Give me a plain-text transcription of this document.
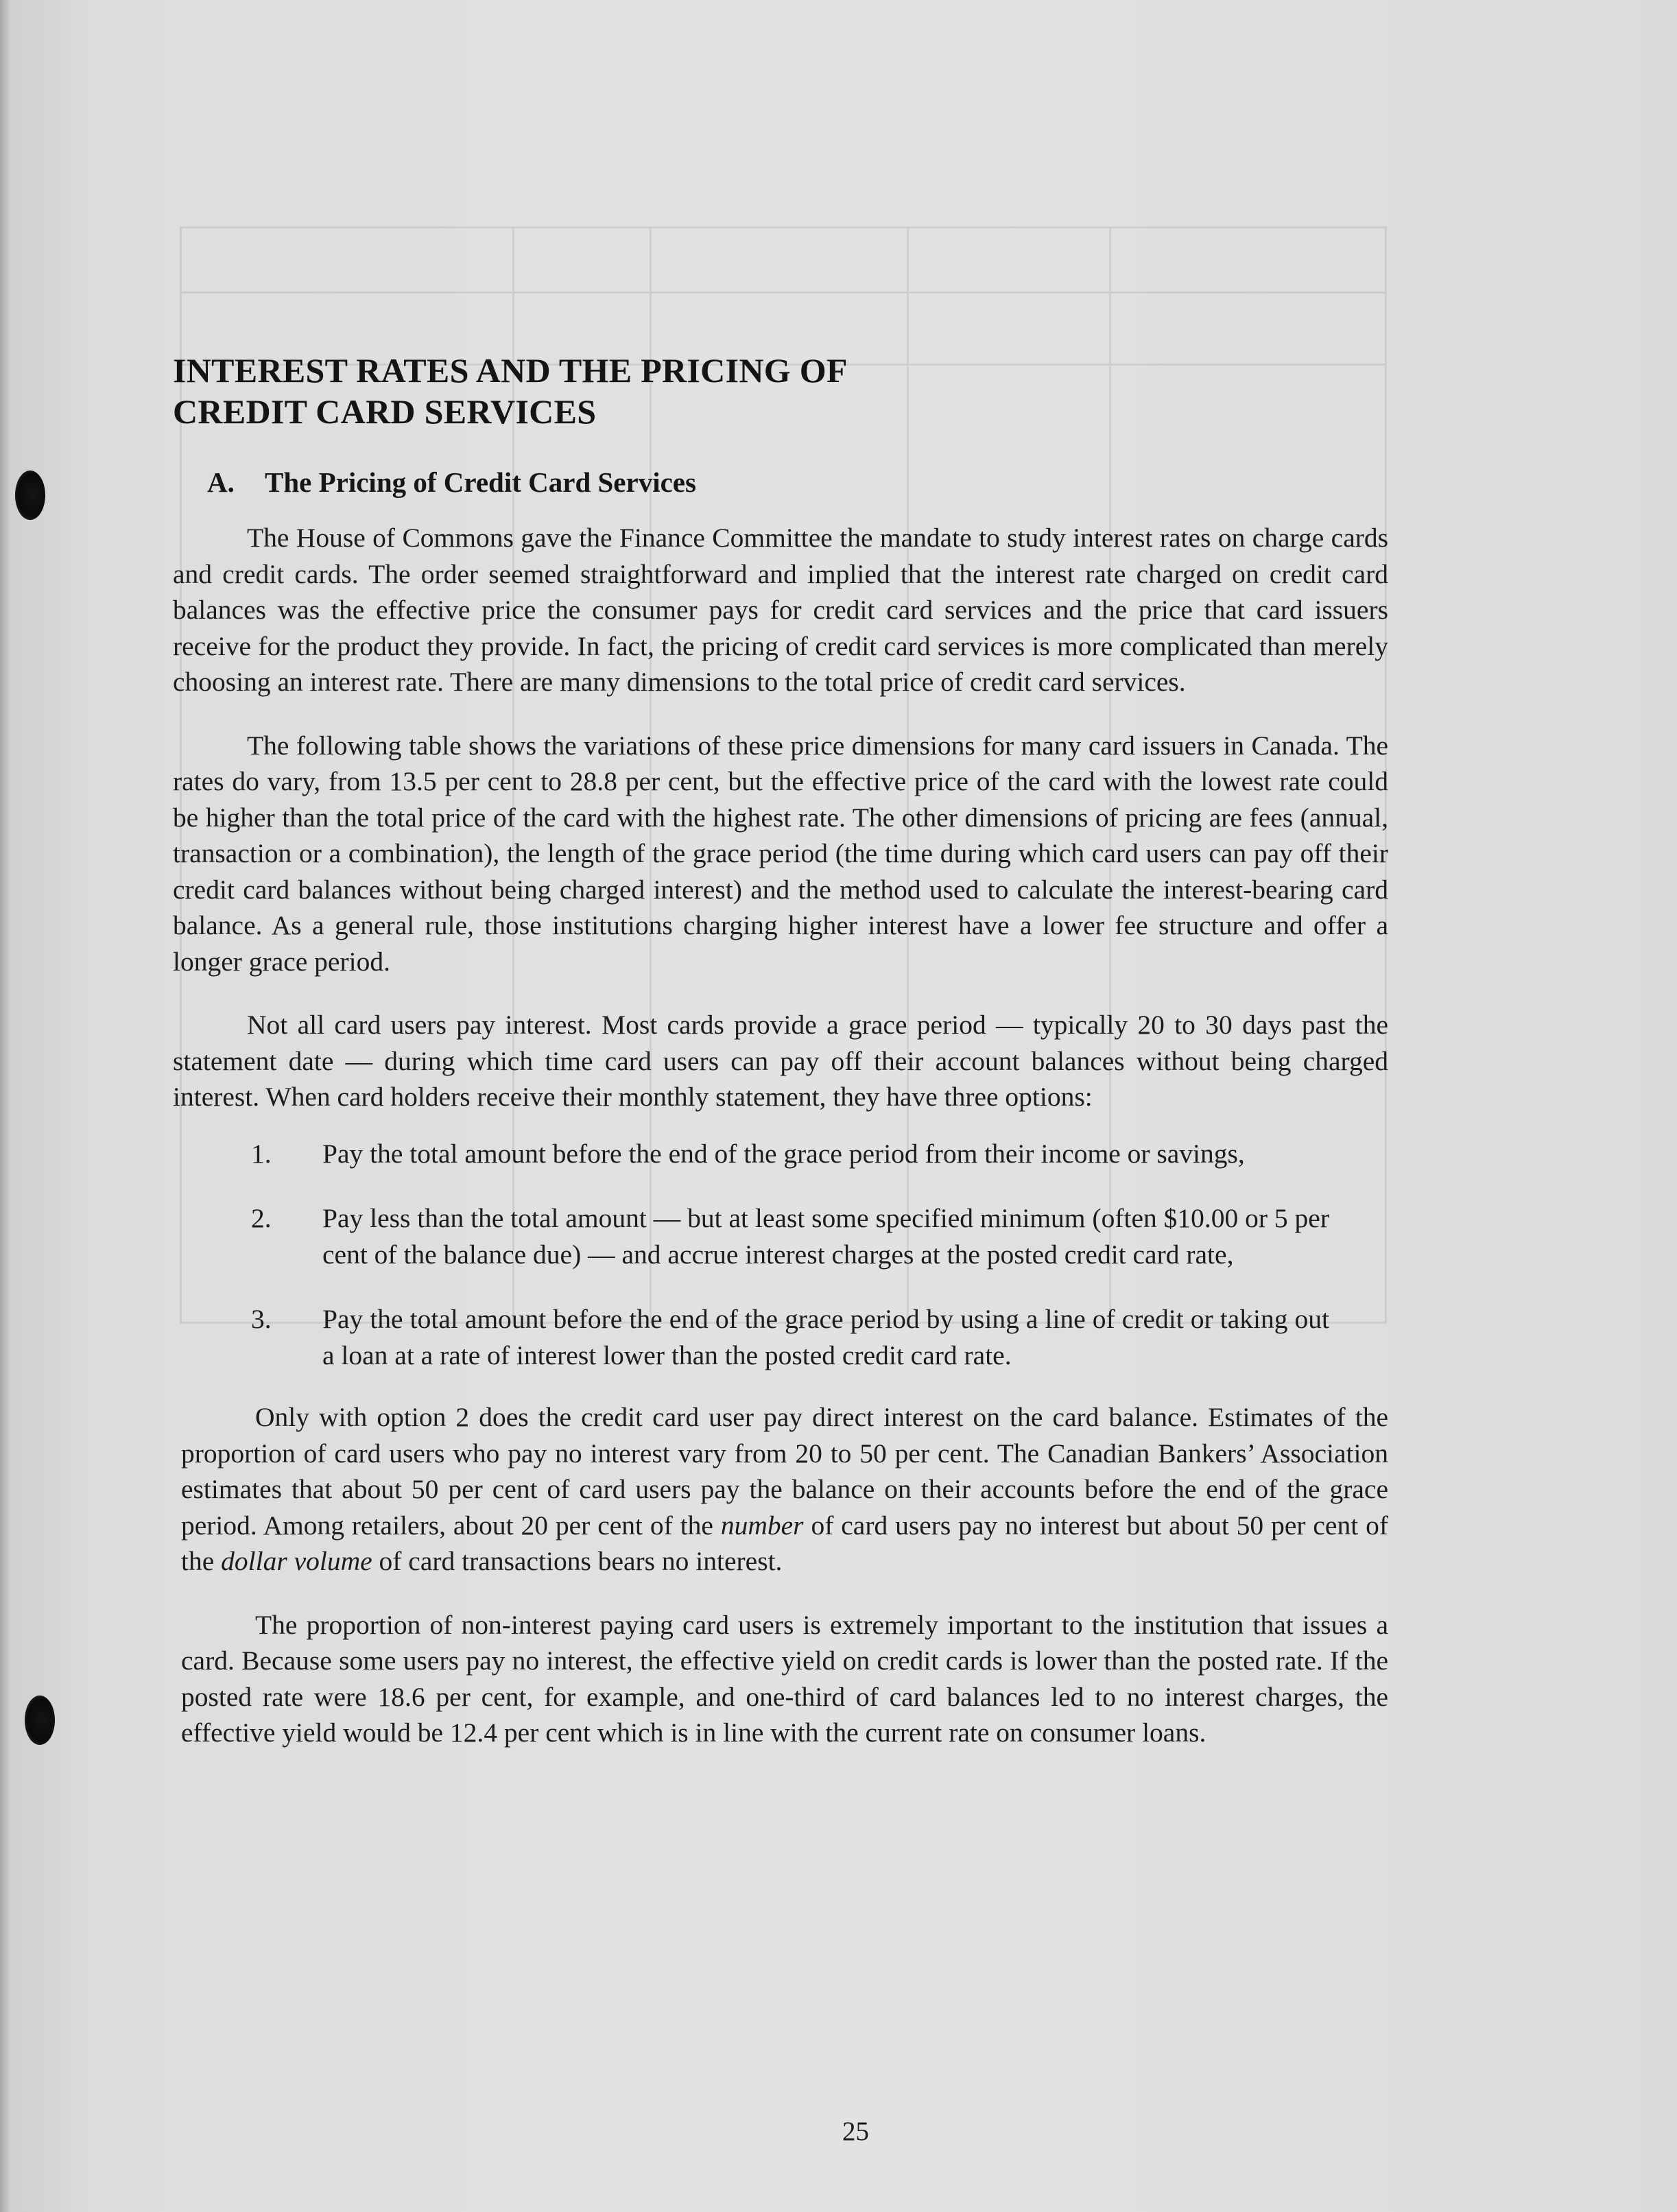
INTEREST RATES AND THE PRICING OF
CREDIT CARD SERVICES
A. The Pricing of Credit Card Services

The House of Commons gave the Finance Committee the mandate to study interest rates on charge cards and credit cards. The order seemed straightforward and implied that the interest rate charged on credit card balances was the effective price the consumer pays for credit card services and the price that card issuers receive for the product they provide. In fact, the pricing of credit card services is more complicated than merely choosing an interest rate. There are many dimensions to the total price of credit card services.

The following table shows the variations of these price dimensions for many card issuers in Canada. The rates do vary, from 13.5 per cent to 28.8 per cent, but the effective price of the card with the lowest rate could be higher than the total price of the card with the highest rate. The other dimensions of pricing are fees (annual, transaction or a combination), the length of the grace period (the time during which card users can pay off their credit card balances without being charged interest) and the method used to calculate the interest-bearing card balance. As a general rule, those institutions charging higher interest have a lower fee structure and offer a longer grace period.

Not all card users pay interest. Most cards provide a grace period — typically 20 to 30 days past the statement date — during which time card users can pay off their account balances without being charged interest. When card holders receive their monthly statement, they have three options:

1.	Pay the total amount before the end of the grace period from their income or savings,
2.	Pay less than the total amount — but at least some specified minimum (often $10.00 or 5 per cent of the balance due) — and accrue interest charges at the posted credit card rate,
3.	Pay the total amount before the end of the grace period by using a line of credit or taking out a loan at a rate of interest lower than the posted credit card rate.

Only with option 2 does the credit card user pay direct interest on the card balance. Estimates of the proportion of card users who pay no interest vary from 20 to 50 per cent. The Canadian Bankers’ Association estimates that about 50 per cent of card users pay the balance on their accounts before the end of the grace period. Among retailers, about 20 per cent of the number of card users pay no interest but about 50 per cent of the dollar volume of card transactions bears no interest.

The proportion of non-interest paying card users is extremely important to the institution that issues a card. Because some users pay no interest, the effective yield on credit cards is lower than the posted rate. If the posted rate were 18.6 per cent, for example, and one-third of card balances led to no interest charges, the effective yield would be 12.4 per cent which is in line with the current rate on consumer loans.

25
